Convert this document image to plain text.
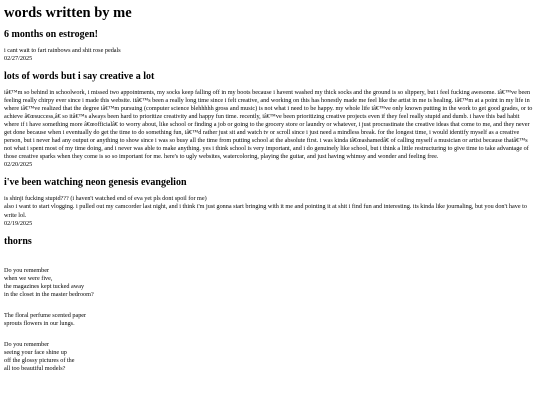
words written by me
6 months on estrogen!

i cant wait to fart rainbows and shit rose pedals

02/27/2025

lots of words but i say creative a lot

iâ€™m so behind in schoolwork, i missed two appointments, my socks keep falling off in my boots because i havent washed my thick socks and the ground is so slippery, but i feel fucking awesome. iâ€™ve been feeling really chirpy ever since i made this website. itâ€™s been a really long time since i felt creative, and working on this has honestly made me feel like the artist in me is healing. iâ€™m at a point in my life in where iâ€™ve realized that the degree iâ€™m pursuing (computer science blehhhhh gross and music) is not what i need to be happy. my whole life iâ€™ve only known putting in the work to get good grades, or to achieve â€œsuccess,â€ so itâ€™s always been hard to prioritize creativity and happy fun time. recently, iâ€™ve been prioritizing creative projects even if they feel really stupid and dumb. i have this bad habit where if i have something more â€œofficialâ€ to worry about, like school or finding a job or going to the grocery store or laundry or whatever, i just procrastinate the creative ideas that come to me, and they never get done because when i eventually do get the time to do something fun, iâ€™d rather just sit and watch tv or scroll since i just need a mindless break. for the longest time, i would identify myself as a creative person, but i never had any output or anything to show since i was so busy all the time from putting school at the absolute first. i was kinda iâ€œashamedâ€ of calling myself a musician or artist because thatâ€™s not what i spent most of my time doing, and i never was able to make anything. yes i think school is very important, and i do genuinely like school, but i think a little restructuring to give time to take advantage of those creative sparks when they come is so so important for me. here's to ugly websites, watercoloring, playing the guitar, and just having whimsy and wonder and feeling free.

02/20/2025

i've been watching neon genesis evangelion

is shinji fucking stupid??? (i haven't watched end of eva yet pls dont spoil for me)

also i want to start vlogging. i pulled out my camcorder last night, and i think i'm just gonna start bringing with it me and pointing it at shit i find fun and interesting. its kinda like journaling, but you don't have to write lol.

02/19/2025

thorns

Do you remember
when we were five,
the magazines kept tucked away
in the closet in the master bedroom?

The floral perfume scented paper
sprouts flowers in our lungs.

Do you remember
seeing your face shine up
off the glossy pictures of the
all too beautiful models?
